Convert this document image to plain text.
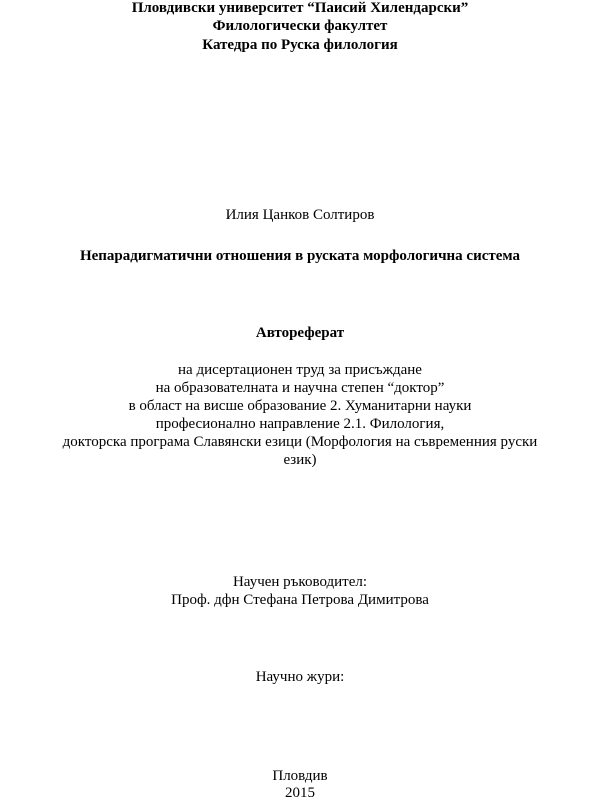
Пловдивски университет “Паисий Хилендарски”
Филологически факултет
Катедра по Руска филология
Илия Цанков Солтиров
Непарадигматични отношения в руската морфологична система
Автореферат
на дисертационен труд за присъждане
на образователната и научна степен “доктор”
в област на висше образование 2. Хуманитарни науки
професионално направление 2.1. Филология,
докторска програма Славянски езици (Морфология на съвременния руски
език)
Научен ръководител:
Проф. дфн Стефана Петрова Димитрова
Научно жури:
Пловдив
2015
